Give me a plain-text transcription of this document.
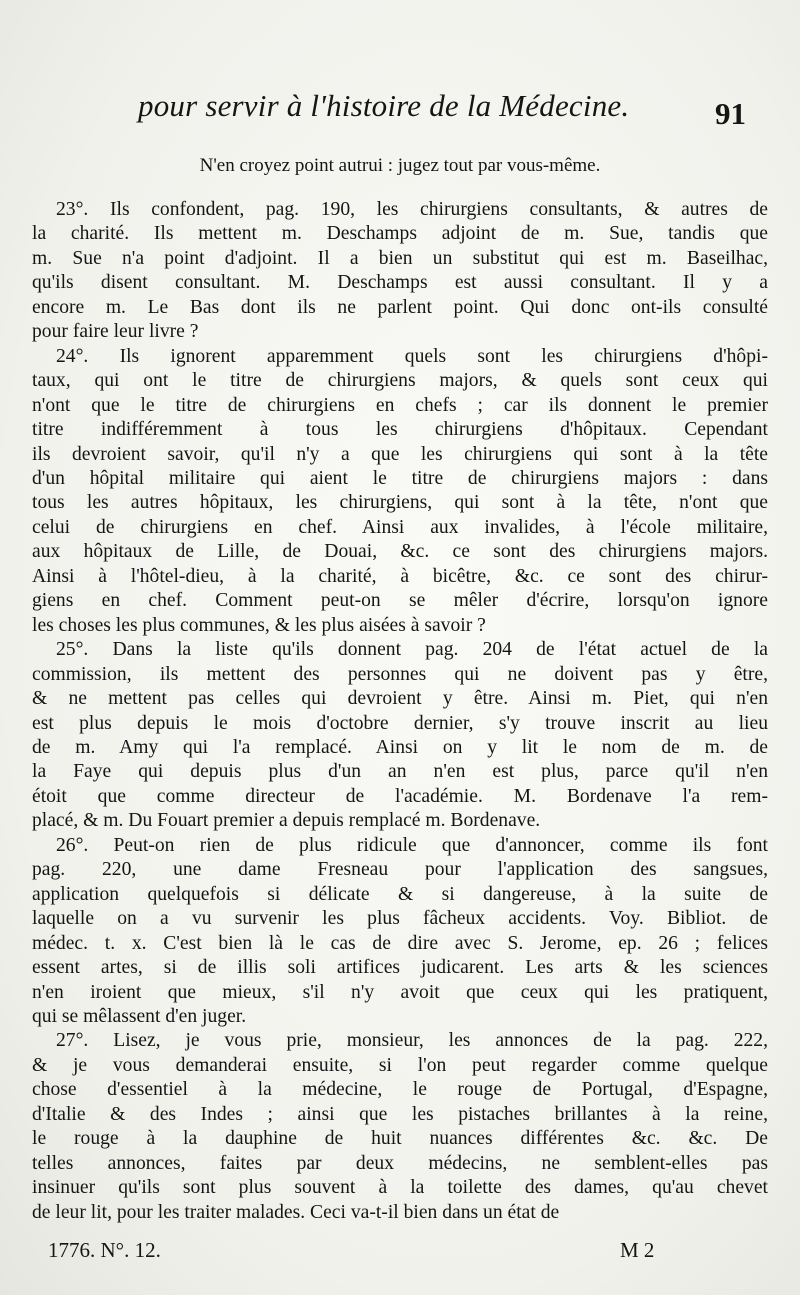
pour servir à l'histoire de la Médecine.	91
N'en croyez point autrui : jugez tout par vous-même.
23°. Ils confondent, pag. 190, les chirurgiens consultants, & autres de
la charité. Ils mettent m. Deschamps adjoint de m. Sue, tandis que
m. Sue n'a point d'adjoint. Il a bien un substitut qui est m. Baseilhac,
qu'ils disent consultant. M. Deschamps est aussi consultant. Il y a
encore m. Le Bas dont ils ne parlent point. Qui donc ont-ils consulté
pour faire leur livre ?
24°. Ils ignorent apparemment quels sont les chirurgiens d'hôpi-
taux, qui ont le titre de chirurgiens majors, & quels sont ceux qui
n'ont que le titre de chirurgiens en chefs ; car ils donnent le premier
titre indifféremment à tous les chirurgiens d'hôpitaux. Cependant
ils devroient savoir, qu'il n'y a que les chirurgiens qui sont à la tête
d'un hôpital militaire qui aient le titre de chirurgiens majors : dans
tous les autres hôpitaux, les chirurgiens, qui sont à la tête, n'ont que
celui de chirurgiens en chef. Ainsi aux invalides, à l'école militaire,
aux hôpitaux de Lille, de Douai, &c. ce sont des chirurgiens majors.
Ainsi à l'hôtel-dieu, à la charité, à bicêtre, &c. ce sont des chirur-
giens en chef. Comment peut-on se mêler d'écrire, lorsqu'on ignore
les choses les plus communes, & les plus aisées à savoir ?
25°. Dans la liste qu'ils donnent pag. 204 de l'état actuel de la
commission, ils mettent des personnes qui ne doivent pas y être,
& ne mettent pas celles qui devroient y être. Ainsi m. Piet, qui n'en
est plus depuis le mois d'octobre dernier, s'y trouve inscrit au lieu
de m. Amy qui l'a remplacé. Ainsi on y lit le nom de m. de
la Faye qui depuis plus d'un an n'en est plus, parce qu'il n'en
étoit que comme directeur de l'académie. M. Bordenave l'a rem-
placé, & m. Du Fouart premier a depuis remplacé m. Bordenave.
26°. Peut-on rien de plus ridicule que d'annoncer, comme ils font
pag. 220, une dame Fresneau pour l'application des sangsues,
application quelquefois si délicate & si dangereuse, à la suite de
laquelle on a vu survenir les plus fâcheux accidents. Voy. Bibliot. de
médec. t. x. C'est bien là le cas de dire avec S. Jerome, ep. 26 ; felices
essent artes, si de illis soli artifices judicarent. Les arts & les sciences
n'en iroient que mieux, s'il n'y avoit que ceux qui les pratiquent,
qui se mêlassent d'en juger.
27°. Lisez, je vous prie, monsieur, les annonces de la pag. 222,
& je vous demanderai ensuite, si l'on peut regarder comme quelque
chose d'essentiel à la médecine, le rouge de Portugal, d'Espagne,
d'Italie & des Indes ; ainsi que les pistaches brillantes à la reine,
le rouge à la dauphine de huit nuances différentes &c. &c. De
telles annonces, faites par deux médecins, ne semblent-elles pas
insinuer qu'ils sont plus souvent à la toilette des dames, qu'au chevet
de leur lit, pour les traiter malades. Ceci va-t-il bien dans un état de
1776. N°. 12.	M 2
